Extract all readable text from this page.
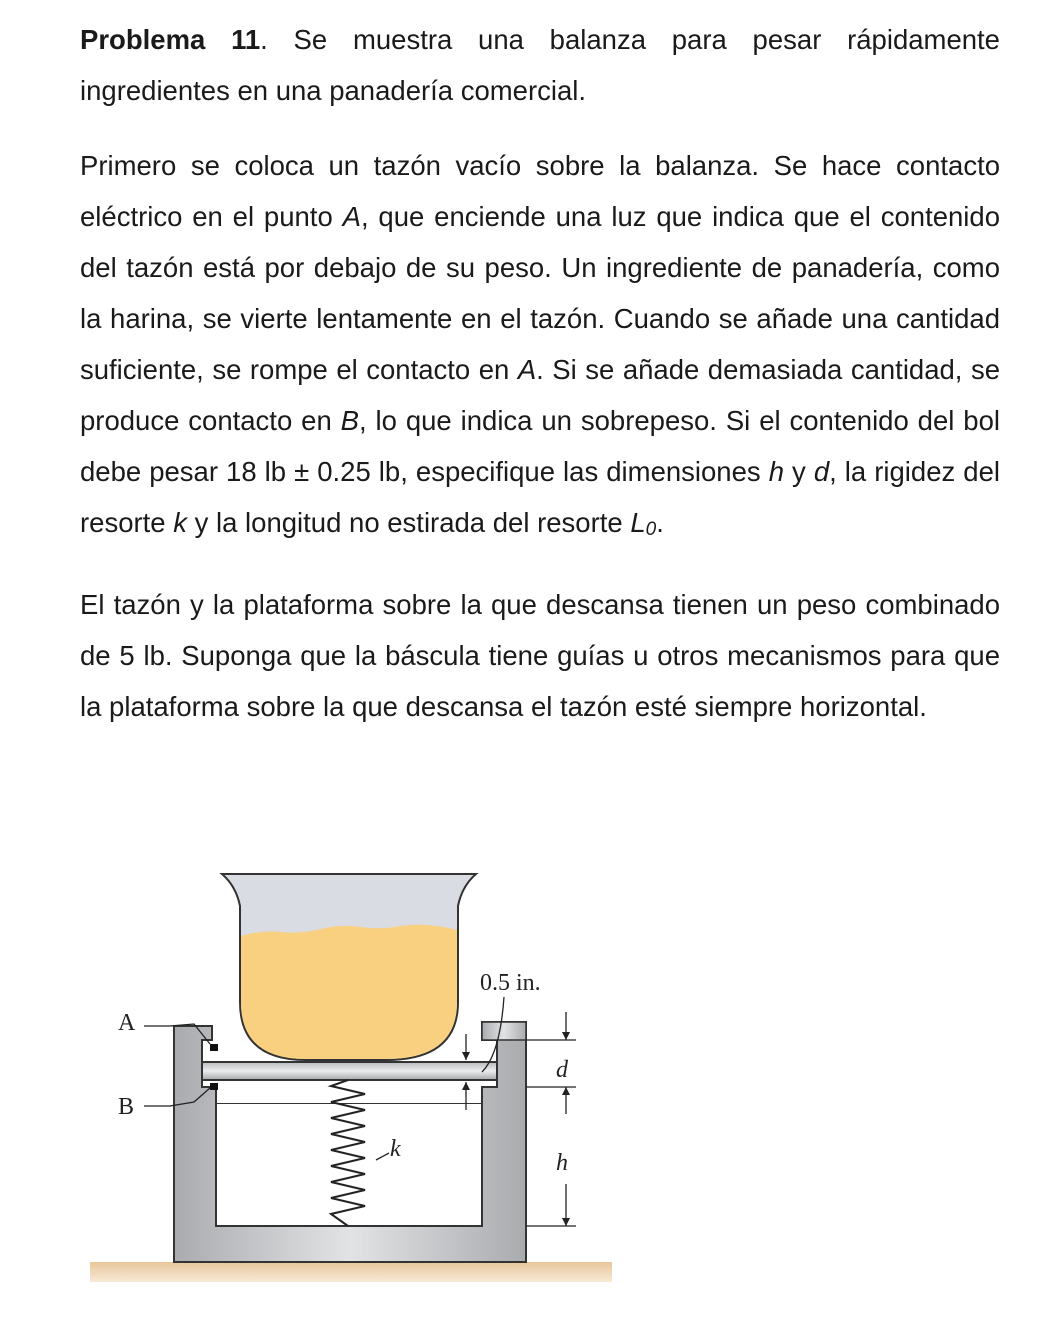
Problema 11. Se muestra una balanza para pesar rápidamente ingredientes en una panadería comercial.

Primero se coloca un tazón vacío sobre la balanza. Se hace contacto eléctrico en el punto A, que enciende una luz que indica que el contenido del tazón está por debajo de su peso. Un ingrediente de panadería, como la harina, se vierte lentamente en el tazón. Cuando se añade una cantidad suficiente, se rompe el contacto en A. Si se añade demasiada cantidad, se produce contacto en B, lo que indica un sobrepeso. Si el contenido del bol debe pesar 18 lb ± 0.25 lb, especifique las dimensiones h y d, la rigidez del resorte k y la longitud no estirada del resorte L0.

El tazón y la plataforma sobre la que descansa tienen un peso combinado de 5 lb. Suponga que la báscula tiene guías u otros mecanismos para que la plataforma sobre la que descansa el tazón esté siempre horizontal.

A
B
k
d
h
0.5 in.
